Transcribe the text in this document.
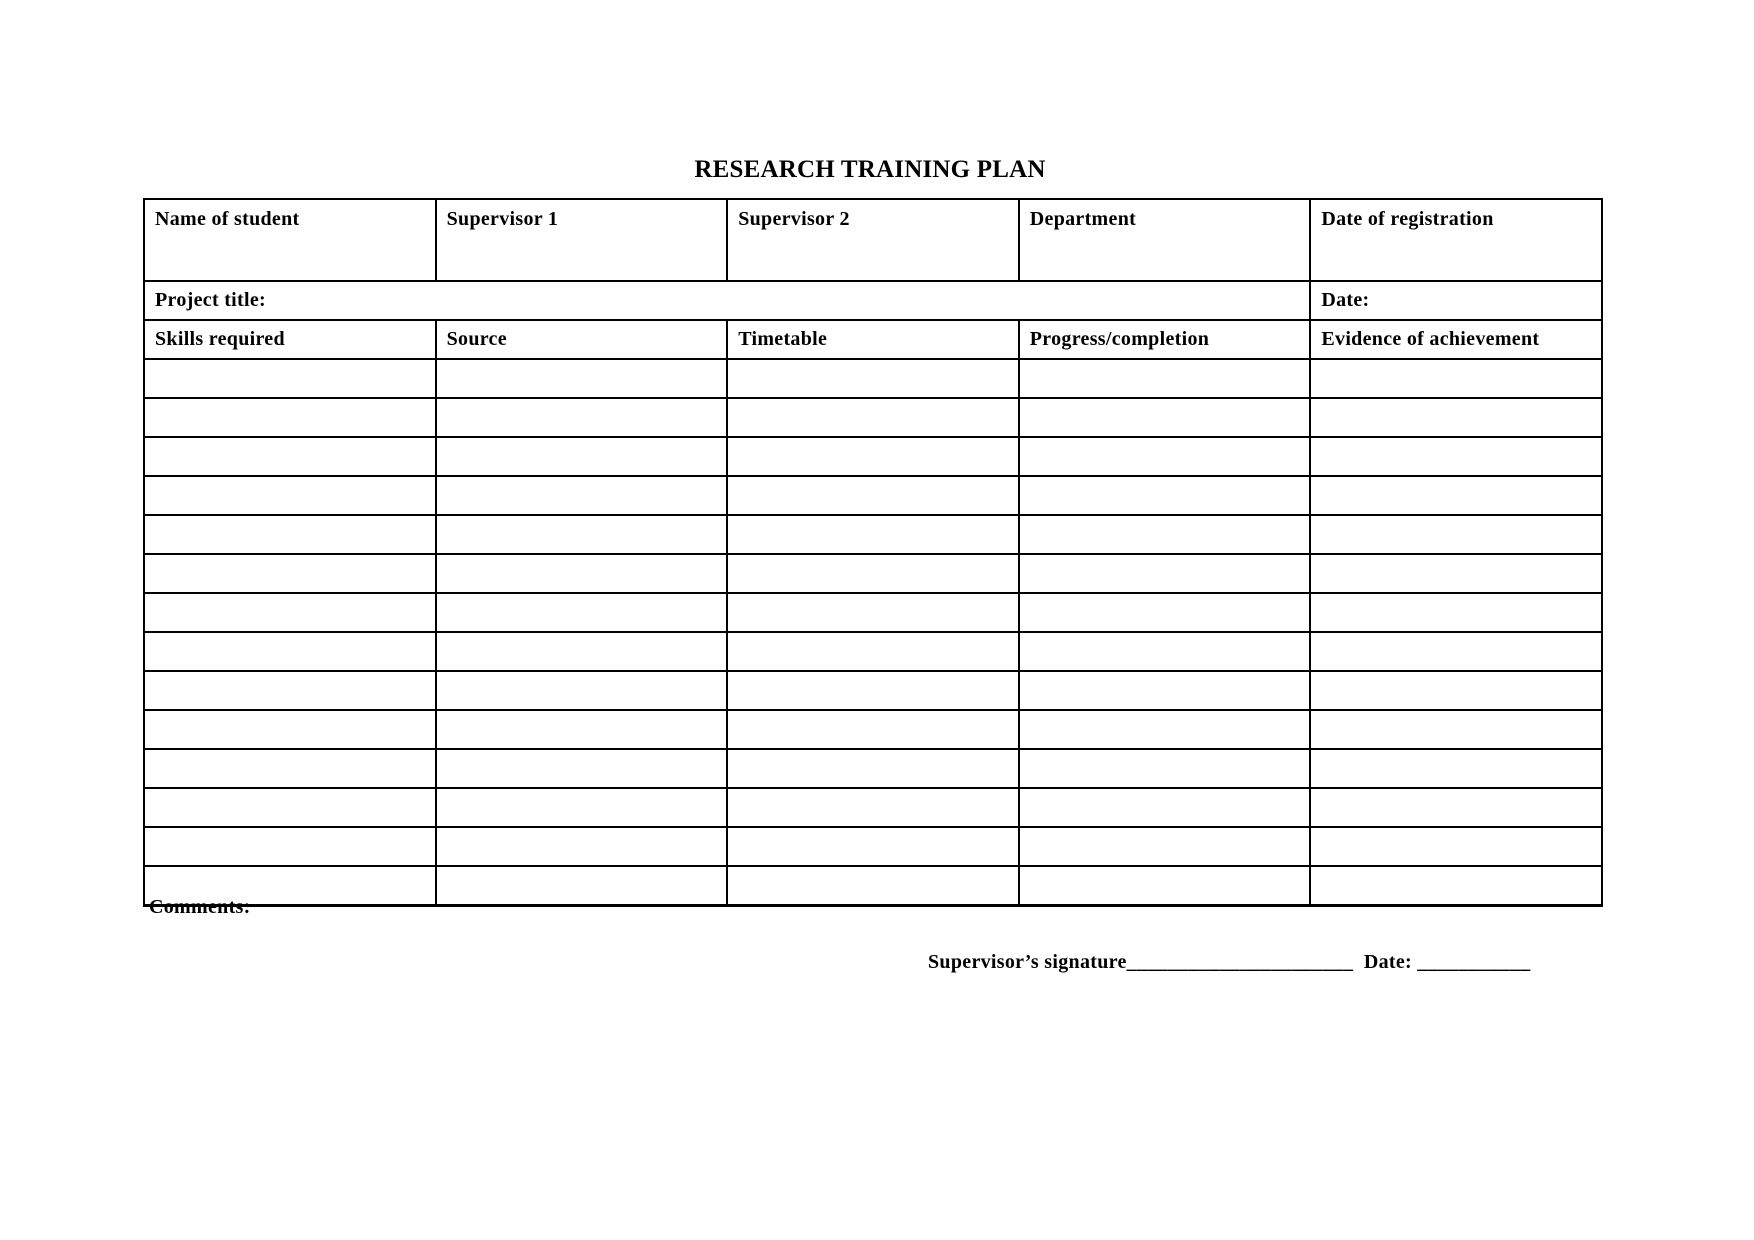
RESEARCH TRAINING PLAN
Name of student	Supervisor 1	Supervisor 2	Department	Date of registration
Project title:				Date:
Skills required	Source	Timetable	Progress/completion	Evidence of achievement

Comments:
Supervisor’s signature______________________  Date: ___________
